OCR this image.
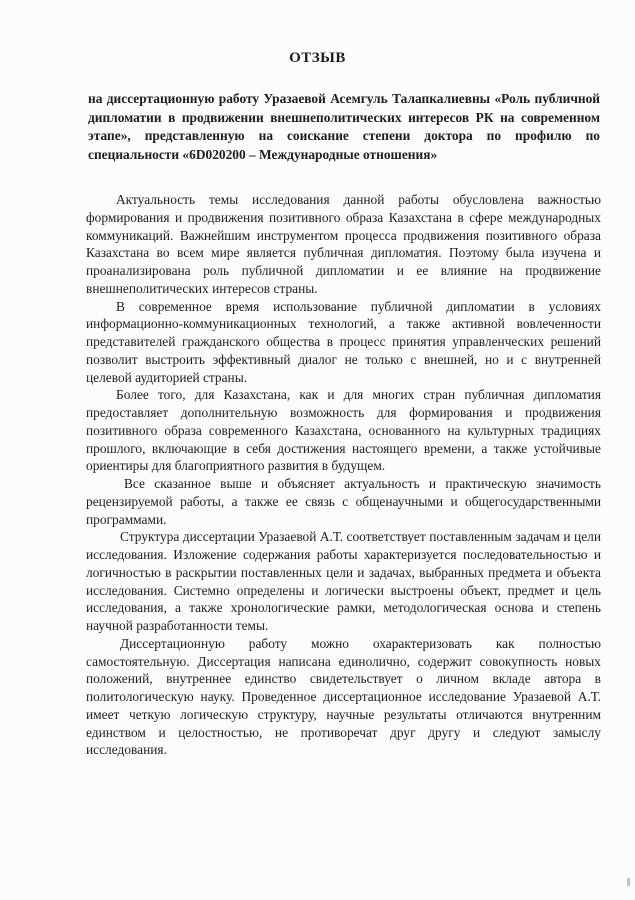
ОТЗЫВ

на диссертационную работу Уразаевой Асемгуль Талапкалиевны «Роль публичной дипломатии в продвижении внешнеполитических интересов РК на современном этапе», представленную на соискание степени доктора по профилю по специальности «6D020200 – Международные отношения»

Актуальность темы исследования данной работы обусловлена важностью формирования и продвижения позитивного образа Казахстана в сфере международных коммуникаций. Важнейшим инструментом процесса продвижения позитивного образа Казахстана во всем мире является публичная дипломатия. Поэтому была изучена и проанализирована роль публичной дипломатии и ее влияние на продвижение внешнеполитических интересов страны.

В современное время использование публичной дипломатии в условиях информационно-коммуникационных технологий, а также активной вовлеченности представителей гражданского общества в процесс принятия управленческих решений позволит выстроить эффективный диалог не только с внешней, но и с внутренней целевой аудиторией страны.

Более того, для Казахстана, как и для многих стран публичная дипломатия предоставляет дополнительную возможность для формирования и продвижения позитивного образа современного Казахстана, основанного на культурных традициях прошлого, включающие в себя достижения настоящего времени, а также устойчивые ориентиры для благоприятного развития в будущем.

Все сказанное выше и объясняет актуальность и практическую значимость рецензируемой работы, а также ее связь с общенаучными и общегосударственными программами.

Структура диссертации Уразаевой А.Т. соответствует поставленным задачам и цели исследования. Изложение содержания работы характеризуется последовательностью и логичностью в раскрытии поставленных цели и задачах, выбранных предмета и объекта исследования. Системно определены и логически выстроены объект, предмет и цель исследования, а также хронологические рамки, методологическая основа и степень научной разработанности темы.

Диссертационную работу можно охарактеризовать как полностью самостоятельную. Диссертация написана единолично, содержит совокупность новых положений, внутреннее единство свидетельствует о личном вкладе автора в политологическую науку. Проведенное диссертационное исследование Уразаевой А.Т. имеет четкую логическую структуру, научные результаты отличаются внутренним единством и целостностью, не противоречат друг другу и следуют замыслу исследования.
